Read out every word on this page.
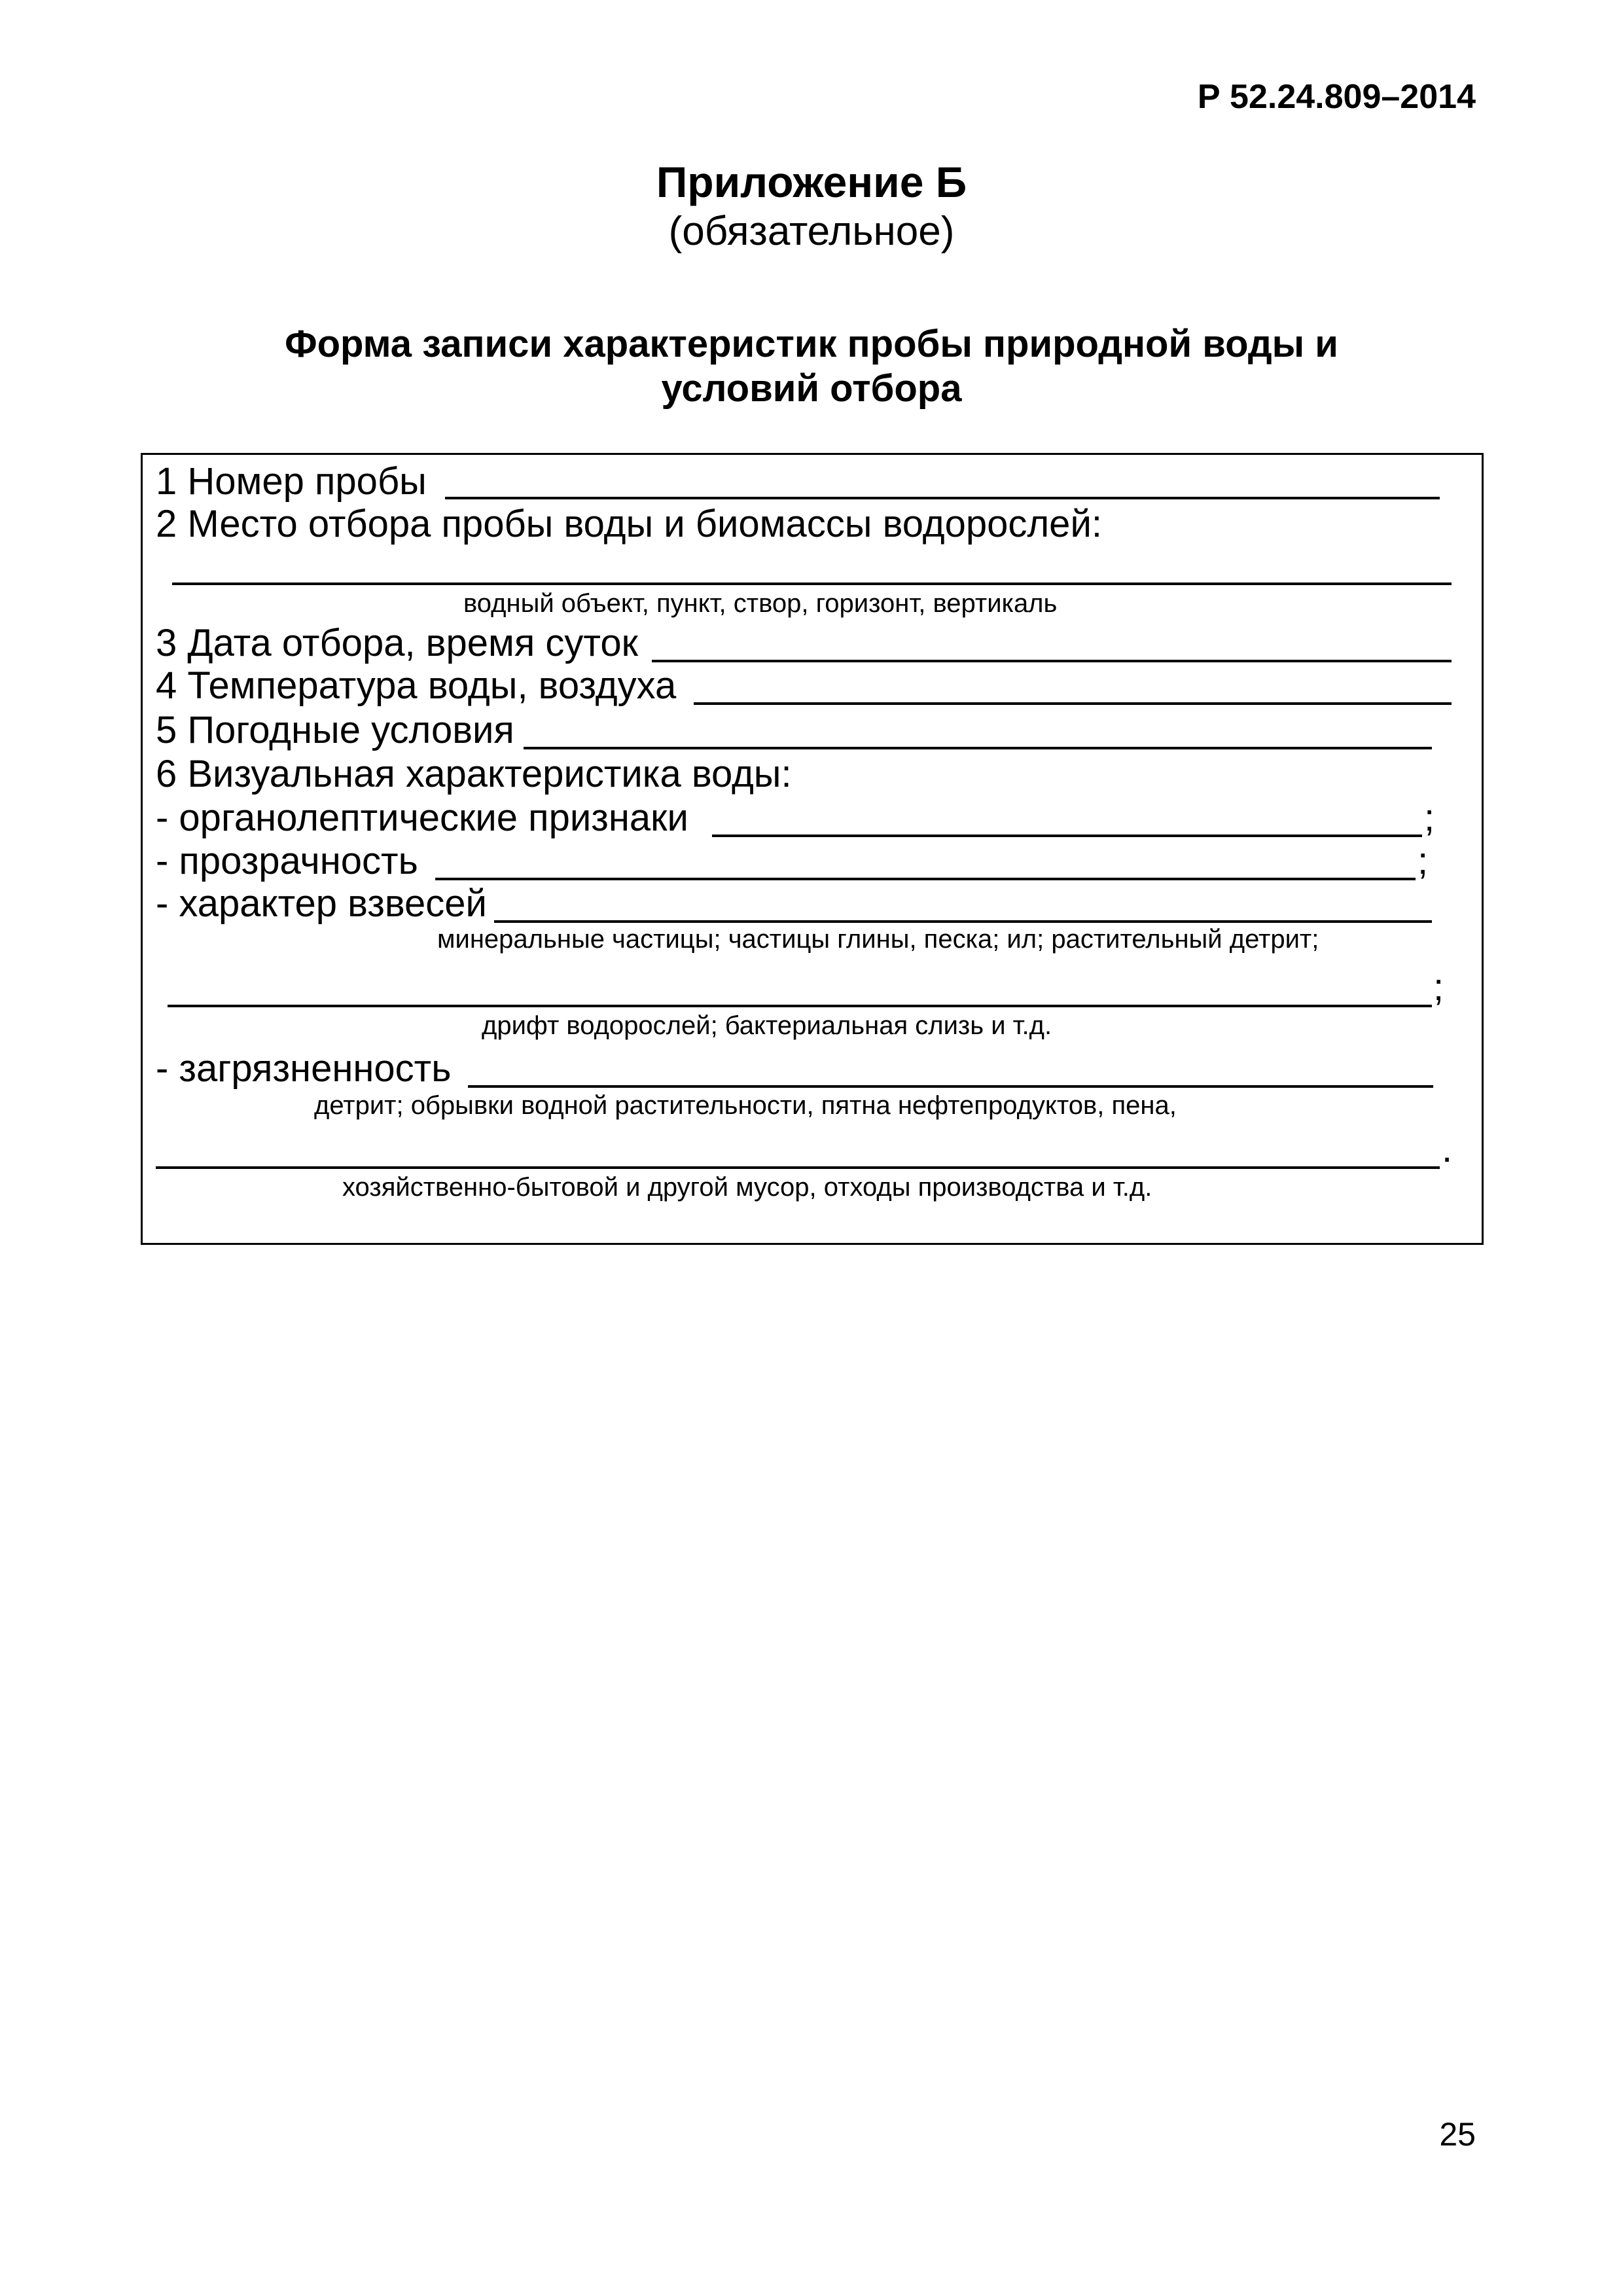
Р 52.24.809–2014
Приложение Б
(обязательное)
Форма записи характеристик пробы природной воды и
условий отбора
1 Номер пробы
2 Место отбора пробы воды и биомассы водорослей:
водный объект, пункт, створ, горизонт, вертикаль
3 Дата отбора, время суток
4 Температура воды, воздуха
5 Погодные условия
6 Визуальная характеристика воды:
- органолептические признаки	;
- прозрачность	;
- характер взвесей
минеральные частицы; частицы глины, песка; ил; растительный детрит;
;
дрифт водорослей; бактериальная слизь и т.д.
- загрязненность
детрит; обрывки водной растительности, пятна нефтепродуктов, пена,
.
хозяйственно-бытовой и другой мусор, отходы производства и т.д.
25
